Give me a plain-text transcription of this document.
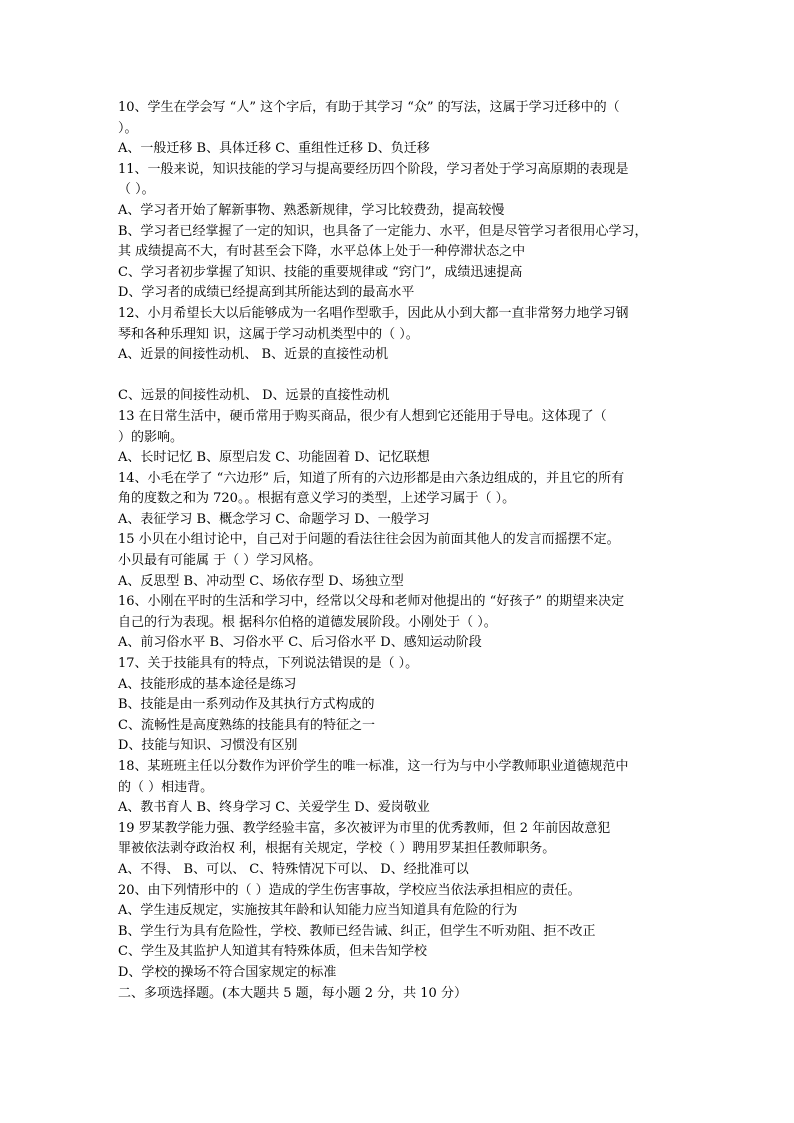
10、学生在学会写 “人” 这个字后，有助于其学习 “众” 的写法，这属于学习迁移中的（
）。
A、一般迁移 B、具体迁移 C、重组性迁移 D、负迁移
11、一般来说，知识技能的学习与提高要经历四个阶段，学习者处于学习高原期的表现是
（ ）。
A、学习者开始了解新事物、熟悉新规律，学习比较费劲，提高较慢
B、学习者已经掌握了一定的知识，也具备了一定能力、水平，但是尽管学习者很用心学习，
其 成绩提高不大，有时甚至会下降，水平总体上处于一种停滞状态之中
C、学习者初步掌握了知识、技能的重要规律或 “窍门”，成绩迅速提高
D、学习者的成绩已经提高到其所能达到的最高水平
12、小月希望长大以后能够成为一名唱作型歌手，因此从小到大都一直非常努力地学习钢
琴和各种乐理知 识，这属于学习动机类型中的（ ）。
A、近景的间接性动机、 B、近景的直接性动机
C、远景的间接性动机、 D、远景的直接性动机
13 在日常生活中，硬币常用于购买商品，很少有人想到它还能用于导电。这体现了（
）的影响。
A、长时记忆 B、原型启发 C、功能固着 D、记忆联想
14、小毛在学了 “六边形” 后，知道了所有的六边形都是由六条边组成的，并且它的所有
角的度数之和为 720。。根据有意义学习的类型，上述学习属于（ ）。
A、表征学习 B、概念学习 C、命题学习 D、一般学习
15 小贝在小组讨论中，自己对于问题的看法往往会因为前面其他人的发言而摇摆不定。
小贝最有可能属 于（ ）学习风格。
A、反思型 B、冲动型 C、场依存型 D、场独立型
16、小刚在平时的生活和学习中，经常以父母和老师对他提出的 “好孩子” 的期望来决定
自己的行为表现。根 据科尔伯格的道德发展阶段。小刚处于（ ）。
A、前习俗水平 B、习俗水平 C、后习俗水平 D、感知运动阶段
17、关于技能具有的特点，下列说法错误的是（ ）。
A、技能形成的基本途径是练习
B、技能是由一系列动作及其执行方式构成的
C、流畅性是高度熟练的技能具有的特征之一
D、技能与知识、习惯没有区别
18、某班班主任以分数作为评价学生的唯一标准，这一行为与中小学教师职业道德规范中
的（ ）相违背。
A、教书育人 B、终身学习 C、关爱学生 D、爱岗敬业
19 罗某教学能力强、教学经验丰富，多次被评为市里的优秀教师，但 2 年前因故意犯
罪被依法剥夺政治权 利，根据有关规定，学校（ ）聘用罗某担任教师职务。
A、不得、 B、可以、 C、特殊情况下可以、 D、经批准可以
20、由下列情形中的（ ）造成的学生伤害事故，学校应当依法承担相应的责任。
A、学生违反规定，实施按其年龄和认知能力应当知道具有危险的行为
B、学生行为具有危险性，学校、教师已经告诫、纠正，但学生不听劝阻、拒不改正
C、学生及其监护人知道其有特殊体质，但未告知学校
D、学校的操场不符合国家规定的标准
二、多项选择题。(本大题共 5 题，每小题 2 分，共 10 分）
